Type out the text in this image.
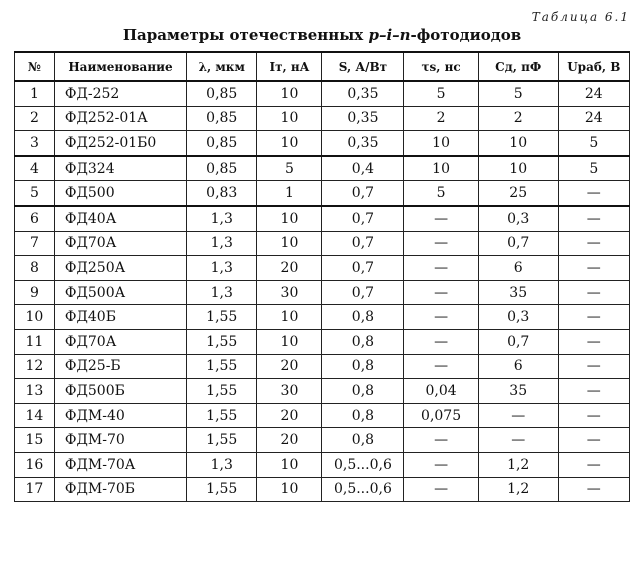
Таблица 6.1
Параметры отечественных p–i–n-фотодиодов
№	Наименование	λ, мкм	Iт, нА	S, А/Вт	τs, нс	Cд, пФ	Uраб, В
1	ФД-252	0,85	10	0,35	5	5	24
2	ФД252-01А	0,85	10	0,35	2	2	24
3	ФД252-01Б0	0,85	10	0,35	10	10	5
4	ФД324	0,85	5	0,4	10	10	5
5	ФД500	0,83	1	0,7	5	25	—
6	ФД40А	1,3	10	0,7	—	0,3	—
7	ФД70А	1,3	10	0,7	—	0,7	—
8	ФД250А	1,3	20	0,7	—	6	—
9	ФД500А	1,3	30	0,7	—	35	—
10	ФД40Б	1,55	10	0,8	—	0,3	—
11	ФД70А	1,55	10	0,8	—	0,7	—
12	ФД25-Б	1,55	20	0,8	—	6	—
13	ФД500Б	1,55	30	0,8	0,04	35	—
14	ФДМ-40	1,55	20	0,8	0,075	—	—
15	ФДМ-70	1,55	20	0,8	—	—	—
16	ФДМ-70А	1,3	10	0,5...0,6	—	1,2	—
17	ФДМ-70Б	1,55	10	0,5...0,6	—	1,2	—
